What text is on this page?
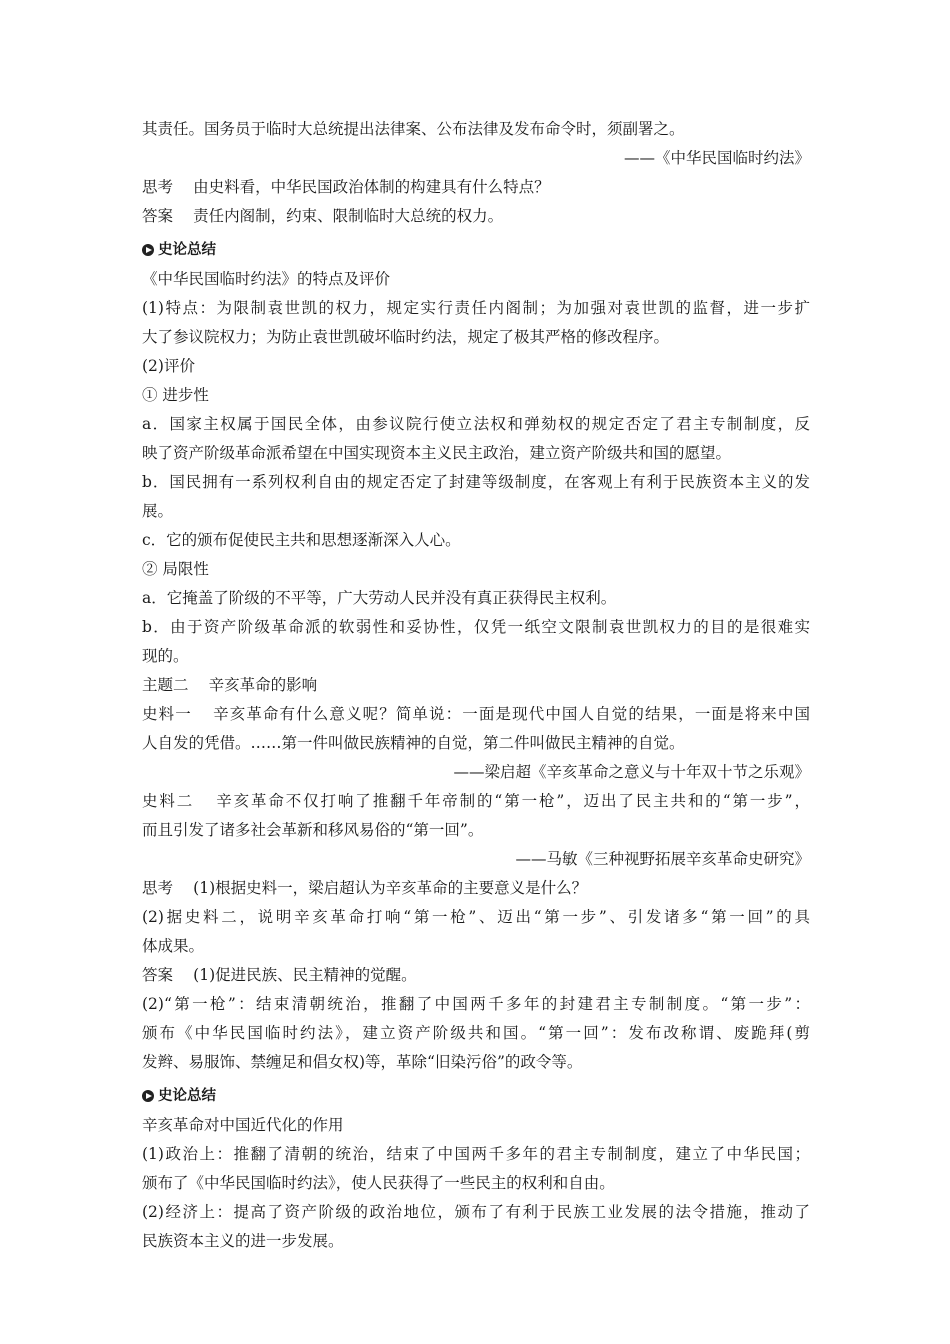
其责任。国务员于临时大总统提出法律案、公布法律及发布命令时，须副署之。
——《中华民国临时约法》
思考 由史料看，中华民国政治体制的构建具有什么特点？
答案 责任内阁制，约束、限制临时大总统的权力。
史论总结
《中华民国临时约法》的特点及评价
(1)特点：为限制袁世凯的权力，规定实行责任内阁制；为加强对袁世凯的监督，进一步扩
大了参议院权力；为防止袁世凯破坏临时约法，规定了极其严格的修改程序。
(2)评价
① 进步性
a．国家主权属于国民全体，由参议院行使立法权和弹劾权的规定否定了君主专制制度，反
映了资产阶级革命派希望在中国实现资本主义民主政治，建立资产阶级共和国的愿望。
b．国民拥有一系列权利自由的规定否定了封建等级制度，在客观上有利于民族资本主义的发
展。
c．它的颁布促使民主共和思想逐渐深入人心。
② 局限性
a．它掩盖了阶级的不平等，广大劳动人民并没有真正获得民主权利。
b．由于资产阶级革命派的软弱性和妥协性，仅凭一纸空文限制袁世凯权力的目的是很难实
现的。
主题二 辛亥革命的影响
史料一 辛亥革命有什么意义呢？简单说：一面是现代中国人自觉的结果，一面是将来中国
人自发的凭借。……第一件叫做民族精神的自觉，第二件叫做民主精神的自觉。
——梁启超《辛亥革命之意义与十年双十节之乐观》
史料二 辛亥革命不仅打响了推翻千年帝制的“第一枪”，迈出了民主共和的“第一步”，
而且引发了诸多社会革新和移风易俗的“第一回”。
——马敏《三种视野拓展辛亥革命史研究》
思考 (1)根据史料一，梁启超认为辛亥革命的主要意义是什么？
(2)据史料二，说明辛亥革命打响“第一枪”、迈出“第一步”、引发诸多“第一回”的具
体成果。
答案 (1)促进民族、民主精神的觉醒。
(2)“第一枪”：结束清朝统治，推翻了中国两千多年的封建君主专制制度。“第一步”：
颁布《中华民国临时约法》，建立资产阶级共和国。“第一回”：发布改称谓、废跪拜(剪
发辫、易服饰、禁缠足和倡女权)等，革除“旧染污俗”的政令等。
史论总结
辛亥革命对中国近代化的作用
(1)政治上：推翻了清朝的统治，结束了中国两千多年的君主专制制度，建立了中华民国；
颁布了《中华民国临时约法》，使人民获得了一些民主的权利和自由。
(2)经济上：提高了资产阶级的政治地位，颁布了有利于民族工业发展的法令措施，推动了
民族资本主义的进一步发展。
